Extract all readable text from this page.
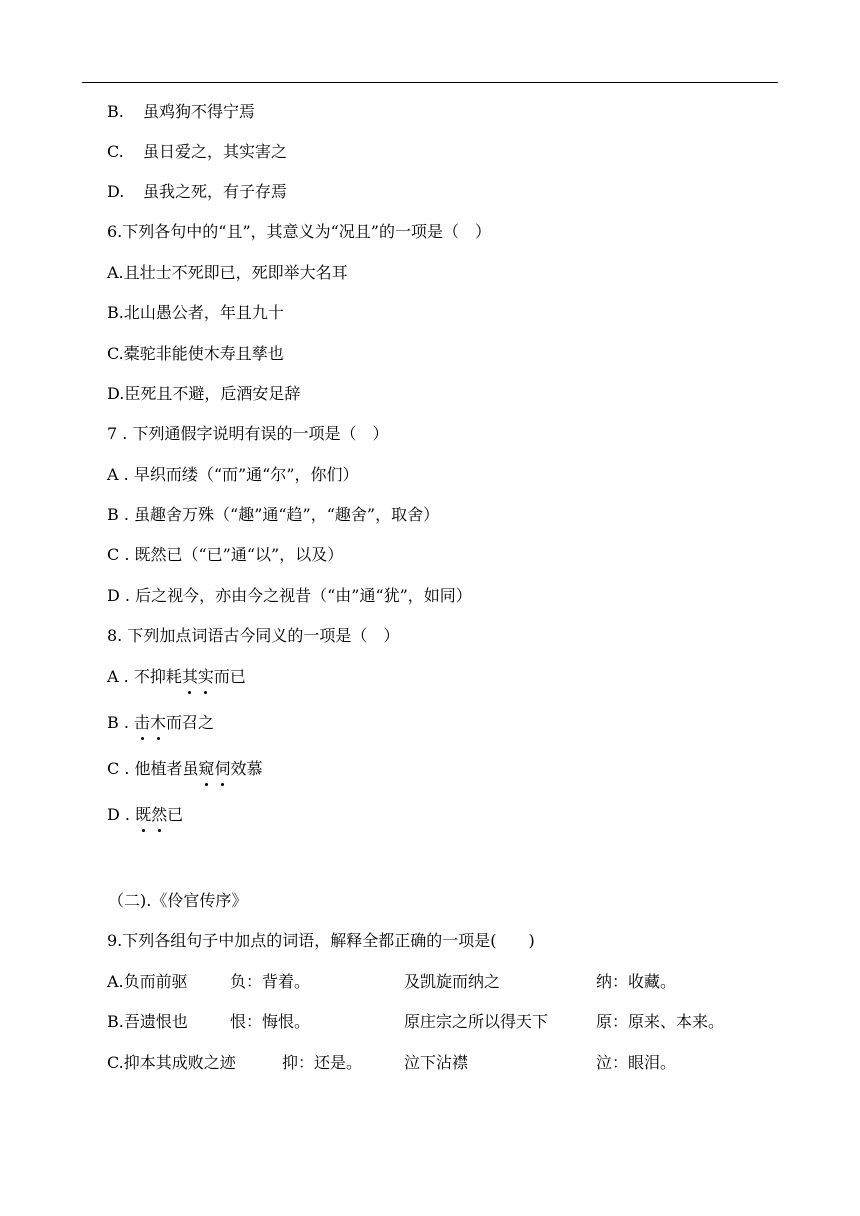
B. 虽鸡狗不得宁焉
C. 虽日爱之，其实害之
D. 虽我之死，有子存焉
6.下列各句中的“且”，其意义为“况且”的一项是（　）
A.且壮士不死即已，死即举大名耳
B.北山愚公者，年且九十
C.橐驼非能使木寿且孳也
D.臣死且不避，卮酒安足辞
7 . 下列通假字说明有误的一项是（　）
A . 早织而缕（“而”通“尔”，你们）
B . 虽趣舍万殊（“趣”通“趋”，“趣舍”，取舍）
C . 既然已（“已”通“以”，以及）
D . 后之视今，亦由今之视昔（“由”通“犹”，如同）
8. 下列加点词语古今同义的一项是（　）
A . 不抑耗其实而已
B . 击木而召之
C . 他植者虽窥伺效慕
D . 既然已
（二).《伶官传序》
9.下列各组句子中加点的词语，解释全都正确的一项是(　　)
A.负而前驱	负：背着。	及凯旋而纳之	纳：收藏。
B.吾遗恨也	恨：悔恨。	原庄宗之所以得天下	原：原来、本来。
C.抑本其成败之迹	抑：还是。	泣下沾襟	泣：眼泪。
